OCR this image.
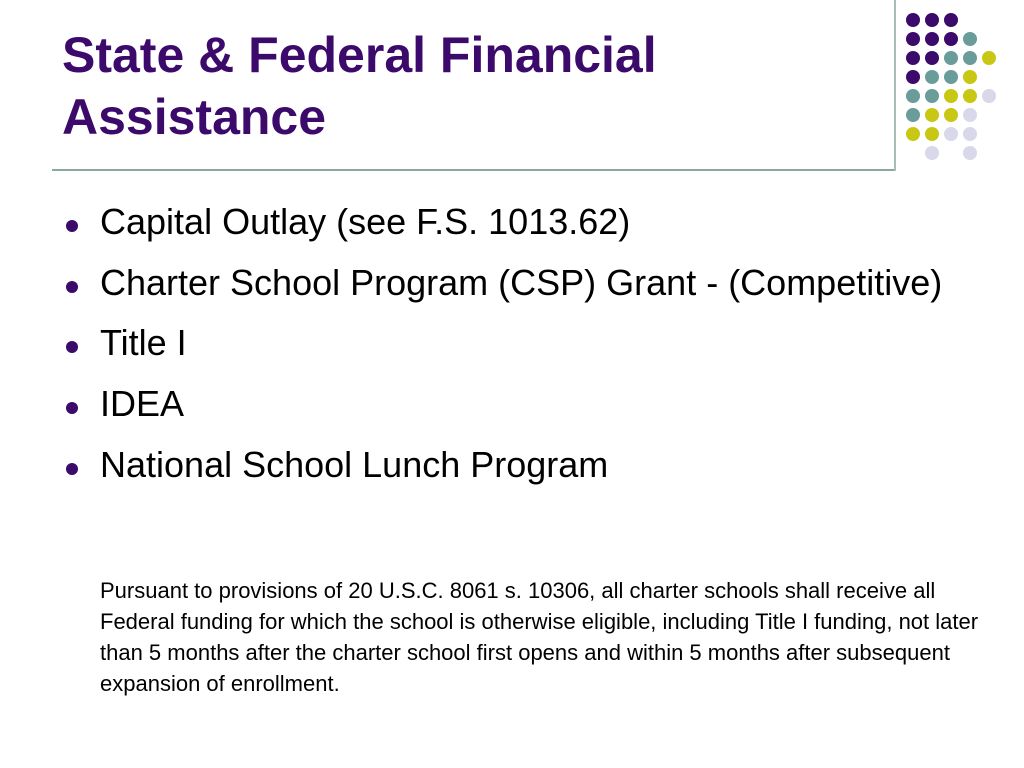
State & Federal Financial Assistance
Capital Outlay (see F.S. 1013.62)
Charter School Program (CSP) Grant - (Competitive)
Title I
IDEA
National School Lunch Program

Pursuant to provisions of 20 U.S.C. 8061 s. 10306, all charter schools shall receive all Federal funding for which the school is otherwise eligible, including Title I funding, not later than 5 months after the charter school first opens and within 5 months after subsequent expansion of enrollment.
